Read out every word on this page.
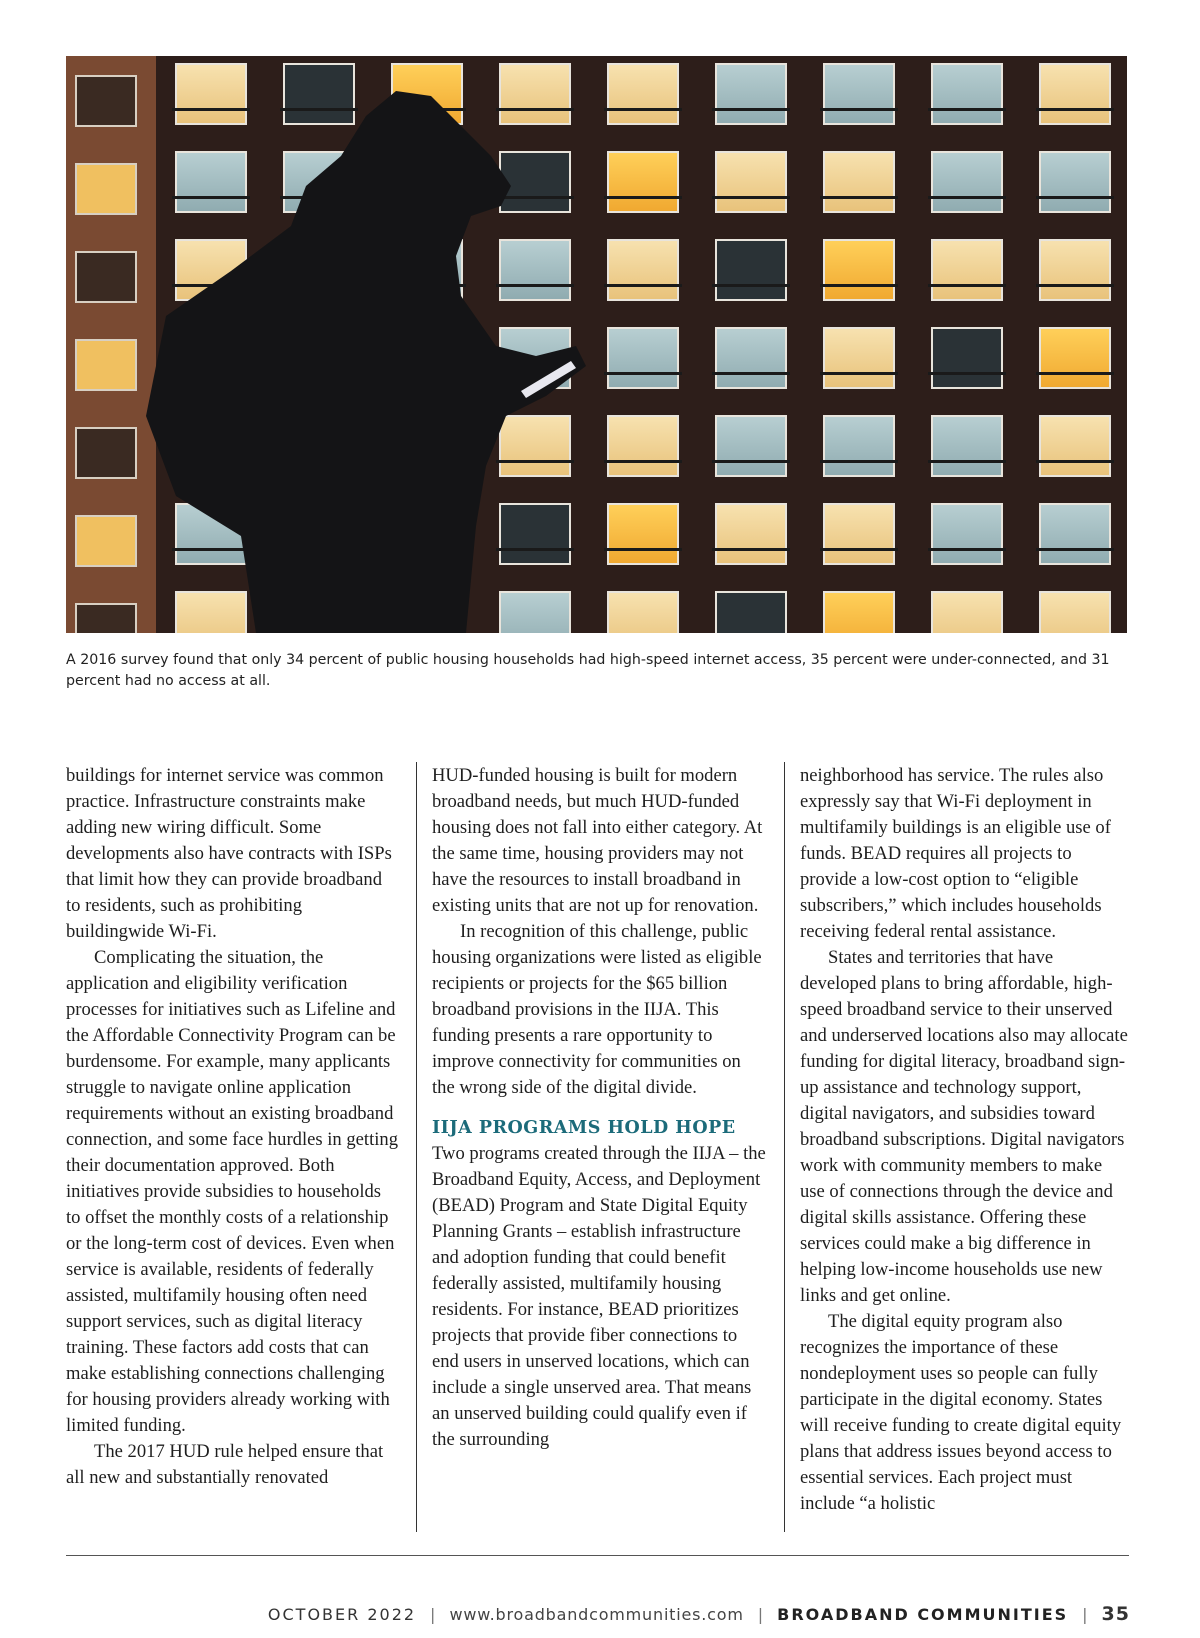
A 2016 survey found that only 34 percent of public housing households had high-speed internet access, 35 percent were under-connected, and 31 percent had no access at all.

buildings for internet service was common practice. Infrastructure constraints make adding new wiring difficult. Some developments also have contracts with ISPs that limit how they can provide broadband to residents, such as prohibiting buildingwide Wi-Fi.

Complicating the situation, the application and eligibility verification processes for initiatives such as Lifeline and the Affordable Connectivity Program can be burdensome. For example, many applicants struggle to navigate online application requirements without an existing broadband connection, and some face hurdles in getting their documentation approved. Both initiatives provide subsidies to households to offset the monthly costs of a relationship or the long-term cost of devices. Even when service is available, residents of federally assisted, multifamily housing often need support services, such as digital literacy training. These factors add costs that can make establishing connections challenging for housing providers already working with limited funding.

The 2017 HUD rule helped ensure that all new and substantially renovated

HUD-funded housing is built for modern broadband needs, but much HUD-funded housing does not fall into either category. At the same time, housing providers may not have the resources to install broadband in existing units that are not up for renovation.

In recognition of this challenge, public housing organizations were listed as eligible recipients or projects for the $65 billion broadband provisions in the IIJA. This funding presents a rare opportunity to improve connectivity for communities on the wrong side of the digital divide.

IIJA PROGRAMS HOLD HOPE

Two programs created through the IIJA – the Broadband Equity, Access, and Deployment (BEAD) Program and State Digital Equity Planning Grants – establish infrastructure and adoption funding that could benefit federally assisted, multifamily housing residents. For instance, BEAD prioritizes projects that provide fiber connections to end users in unserved locations, which can include a single unserved area. That means an unserved building could qualify even if the surrounding

neighborhood has service. The rules also expressly say that Wi-Fi deployment in multifamily buildings is an eligible use of funds. BEAD requires all projects to provide a low-cost option to “eligible subscribers,” which includes households receiving federal rental assistance.

States and territories that have developed plans to bring affordable, high-speed broadband service to their unserved and underserved locations also may allocate funding for digital literacy, broadband sign-up assistance and technology support, digital navigators, and subsidies toward broadband subscriptions. Digital navigators work with community members to make use of connections through the device and digital skills assistance. Offering these services could make a big difference in helping low-income households use new links and get online.

The digital equity program also recognizes the importance of these nondeployment uses so people can fully participate in the digital economy. States will receive funding to create digital equity plans that address issues beyond access to essential services. Each project must include “a holistic

OCTOBER 2022 | www.broadbandcommunities.com | BROADBAND COMMUNITIES | 35
